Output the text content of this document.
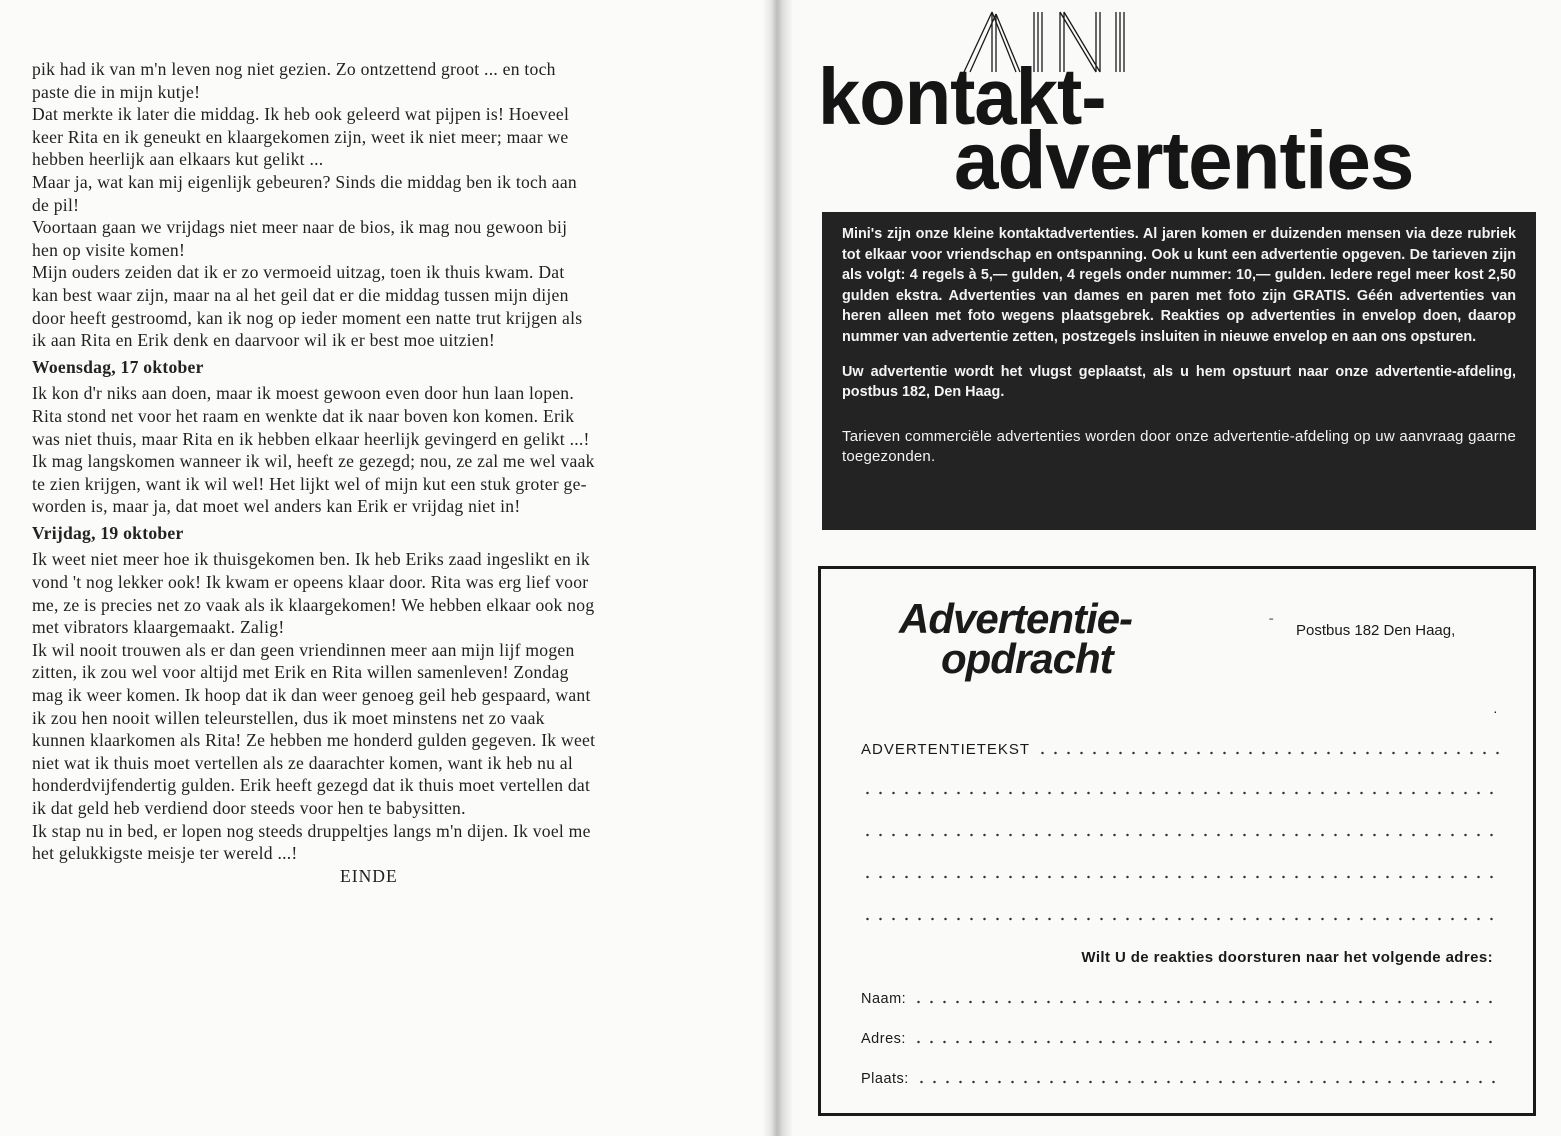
pik had ik van m'n leven nog niet gezien. Zo ontzettend groot ... en toch
paste die in mijn kutje!
Dat merkte ik later die middag. Ik heb ook geleerd wat pijpen is! Hoeveel
keer Rita en ik geneukt en klaargekomen zijn, weet ik niet meer; maar we
hebben heerlijk aan elkaars kut gelikt ...
Maar ja, wat kan mij eigenlijk gebeuren? Sinds die middag ben ik toch aan
de pil!
Voortaan gaan we vrijdags niet meer naar de bios, ik mag nou gewoon bij
hen op visite komen!
Mijn ouders zeiden dat ik er zo vermoeid uitzag, toen ik thuis kwam. Dat
kan best waar zijn, maar na al het geil dat er die middag tussen mijn dijen
door heeft gestroomd, kan ik nog op ieder moment een natte trut krijgen als
ik aan Rita en Erik denk en daarvoor wil ik er best moe uitzien!
Woensdag, 17 oktober
Ik kon d'r niks aan doen, maar ik moest gewoon even door hun laan lopen.
Rita stond net voor het raam en wenkte dat ik naar boven kon komen. Erik
was niet thuis, maar Rita en ik hebben elkaar heerlijk gevingerd en gelikt ...!
Ik mag langskomen wanneer ik wil, heeft ze gezegd; nou, ze zal me wel vaak
te zien krijgen, want ik wil wel! Het lijkt wel of mijn kut een stuk groter ge-
worden is, maar ja, dat moet wel anders kan Erik er vrijdag niet in!
Vrijdag, 19 oktober
Ik weet niet meer hoe ik thuisgekomen ben. Ik heb Eriks zaad ingeslikt en ik
vond 't nog lekker ook! Ik kwam er opeens klaar door. Rita was erg lief voor
me, ze is precies net zo vaak als ik klaargekomen! We hebben elkaar ook nog
met vibrators klaargemaakt. Zalig!
Ik wil nooit trouwen als er dan geen vriendinnen meer aan mijn lijf mogen
zitten, ik zou wel voor altijd met Erik en Rita willen samenleven! Zondag
mag ik weer komen. Ik hoop dat ik dan weer genoeg geil heb gespaard, want
ik zou hen nooit willen teleurstellen, dus ik moet minstens net zo vaak
kunnen klaarkomen als Rita! Ze hebben me honderd gulden gegeven. Ik weet
niet wat ik thuis moet vertellen als ze daarachter komen, want ik heb nu al
honderdvijfendertig gulden. Erik heeft gezegd dat ik thuis moet vertellen dat
ik dat geld heb verdiend door steeds voor hen te babysitten.
Ik stap nu in bed, er lopen nog steeds druppeltjes langs m'n dijen. Ik voel me
het gelukkigste meisje ter wereld ...!
EINDE
kontakt-
advertenties

Mini's zijn onze kleine kontaktadvertenties. Al jaren komen er duizenden mensen via deze rubriek tot elkaar voor vriendschap en ontspanning. Ook u kunt een advertentie opgeven. De tarieven zijn als volgt: 4 regels à 5,— gulden, 4 regels onder nummer: 10,— gulden. Iedere regel meer kost 2,50 gulden ekstra. Advertenties van dames en paren met foto zijn GRATIS. Géén advertenties van heren alleen met foto wegens plaatsgebrek. Reakties op advertenties in envelop doen, daarop nummer van advertentie zetten, postzegels insluiten in nieuwe envelop en aan ons opsturen.

Uw advertentie wordt het vlugst geplaatst, als u hem opstuurt naar onze advertentie-afdeling, postbus 182, Den Haag.

Tarieven commerciële advertenties worden door onze advertentie-afdeling op uw aanvraag gaarne toegezonden.

Advertentie-
opdracht
ˉ Postbus 182 Den Haag,
·
ADVERTENTIETEKST
Wilt U de reakties doorsturen naar het volgende adres:
Naam:
Adres:
Plaats:
